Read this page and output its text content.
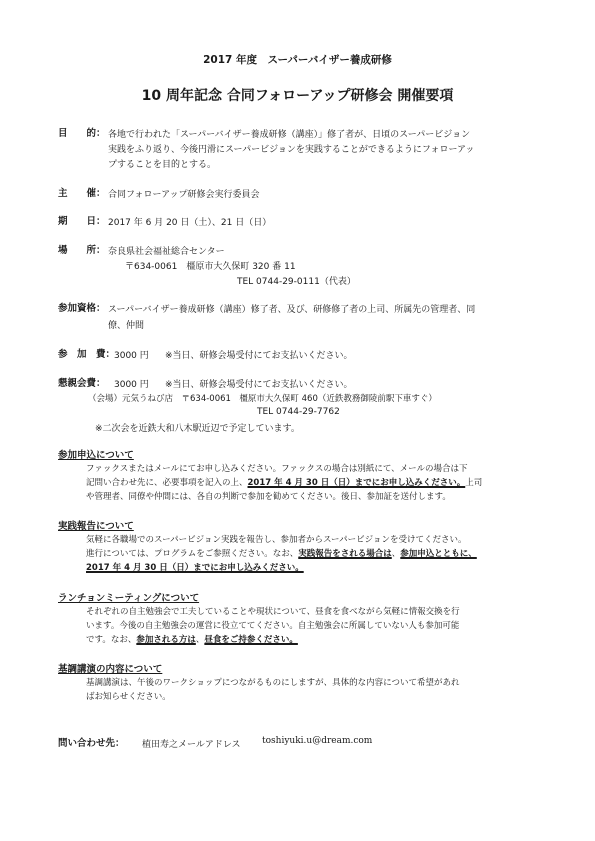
2017 年度　スーパーバイザー養成研修
10 周年記念 合同フォローアップ研修会 開催要項
目　　的： 各地で行われた「スーパーバイザー養成研修（講座）」修了者が、日頃のスーパービジョン
実践をふり返り、今後円滑にスーパービジョンを実践することができるようにフォローアッ
プすることを目的とする。
主　　催： 合同フォローアップ研修会実行委員会
期　　日： 2017 年 6 月 20 日（土）、21 日（日）
場　　所： 奈良県社会福祉総合センター
〒634-0061　橿原市大久保町 320 番 11
TEL 0744-29-0111（代表）
参加資格： スーパーバイザー養成研修（講座）修了者、及び、研修修了者の上司、所属先の管理者、同
僚、仲間
参　加　費：
3000 円 ※当日、研修会場受付にてお支払いください。
懇親会費： 3000 円 ※当日、研修会場受付にてお支払いください。
（会場）元気うねび店　〒634-0061　橿原市大久保町 460（近鉄教務御陵前駅下車すぐ）
TEL 0744-29-7762
※二次会を近鉄大和八木駅近辺で予定しています。
参加申込について
ファックスまたはメールにてお申し込みください。ファックスの場合は別紙にて、メールの場合は下
記問い合わせ先に、必要事項を記入の上、2017 年 4 月 30 日（日）までにお申し込みください。上司
や管理者、同僚や仲間には、各自の判断で参加を勧めてください。後日、参加証を送付します。
実践報告について
気軽に各職場でのスーパービジョン実践を報告し、参加者からスーパービジョンを受けてください。
進行については、プログラムをご参照ください。なお、実践報告をされる場合は、参加申込とともに、
2017 年 4 月 30 日（日）までにお申し込みください。
ランチョンミーティングについて
それぞれの自主勉強会で工夫していることや現状について、昼食を食べながら気軽に情報交換を行
います。今後の自主勉強会の運営に役立ててください。自主勉強会に所属していない人も参加可能
です。なお、参加される方は、昼食をご持参ください。
基調講演の内容について
基調講演は、午後のワークショップにつながるものにしますが、具体的な内容について希望があれ
ばお知らせください。
問い合わせ先： 植田寿之メールアドレス toshiyuki.u@dream.com
